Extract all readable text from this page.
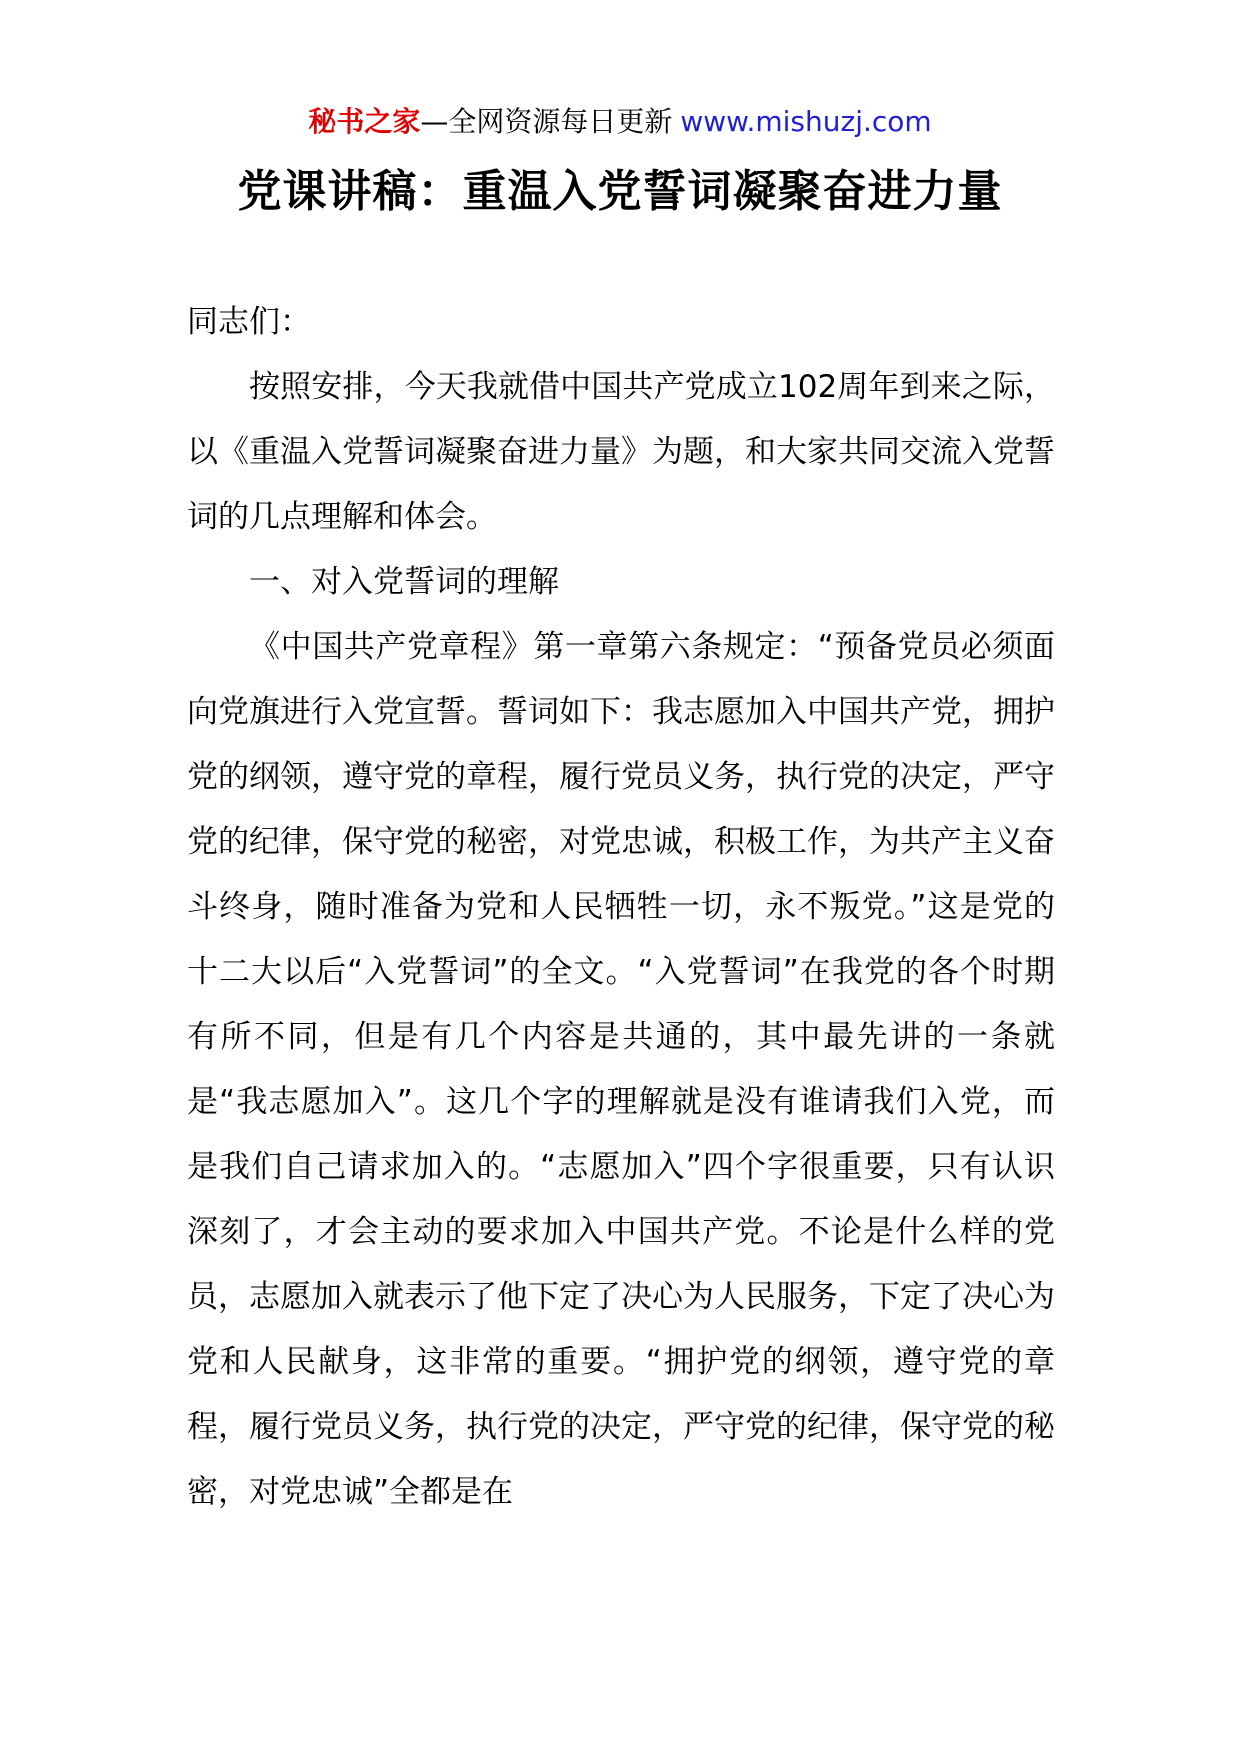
秘书之家—全网资源每日更新 www.mishuzj.com
党课讲稿：重温入党誓词凝聚奋进力量

同志们：

按照安排，今天我就借中国共产党成立102周年到来之际，以《重温入党誓词凝聚奋进力量》为题，和大家共同交流入党誓词的几点理解和体会。

一、对入党誓词的理解

《中国共产党章程》第一章第六条规定：“预备党员必须面向党旗进行入党宣誓。誓词如下：我志愿加入中国共产党，拥护党的纲领，遵守党的章程，履行党员义务，执行党的决定，严守党的纪律，保守党的秘密，对党忠诚，积极工作，为共产主义奋斗终身，随时准备为党和人民牺牲一切，永不叛党。”这是党的十二大以后“入党誓词”的全文。“入党誓词”在我党的各个时期有所不同，但是有几个内容是共通的，其中最先讲的一条就是“我志愿加入”。这几个字的理解就是没有谁请我们入党，而是我们自己请求加入的。“志愿加入”四个字很重要，只有认识深刻了，才会主动的要求加入中国共产党。不论是什么样的党员，志愿加入就表示了他下定了决心为人民服务，下定了决心为党和人民献身，这非常的重要。“拥护党的纲领，遵守党的章程，履行党员义务，执行党的决定，严守党的纪律，保守党的秘密，对党忠诚”全都是在
